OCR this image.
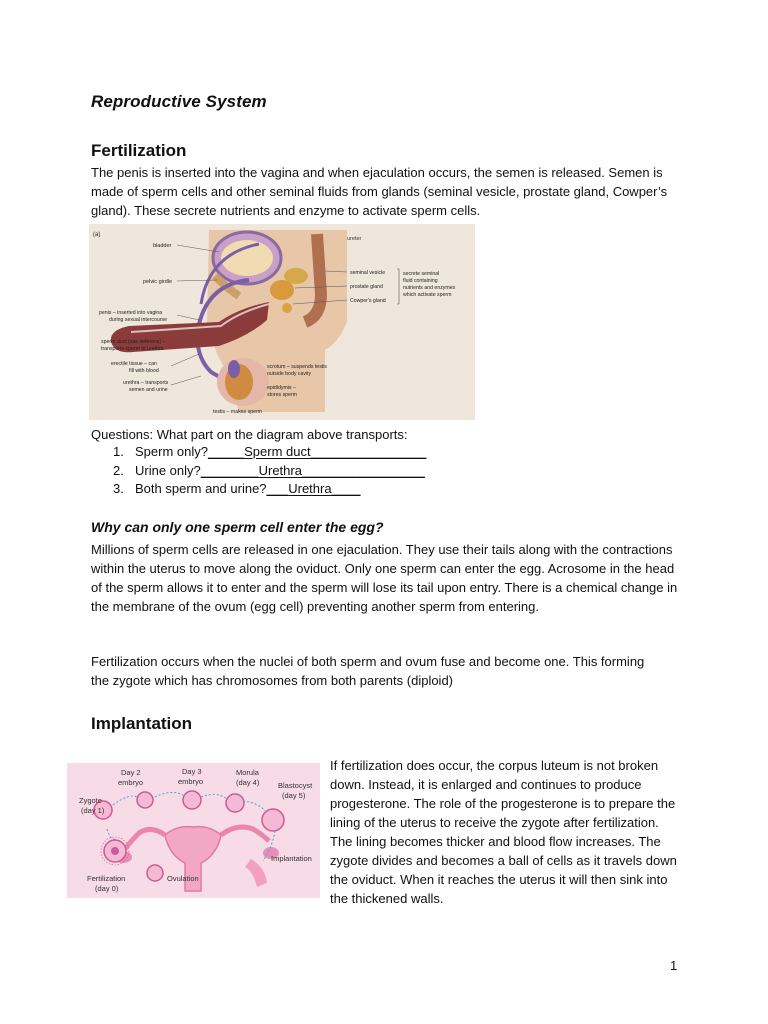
Reproductive System
Fertilization

The penis is inserted into the vagina and when ejaculation occurs, the semen is released. Semen is made of sperm cells and other seminal fluids from glands (seminal vesicle, prostate gland, Cowper’s gland). These secrete nutrients and enzyme to activate sperm cells.

(a)
bladder
pelvic girdle
penis – inserted into vagina
during sexual intercourse
sperm duct (vas deferens) –
transports sperm to urethra
erectile tissue – can
fill with blood
urethra – transports
semen and urine
testis – makes sperm
ureter
seminal vesicle
prostate gland
Cowper's gland
secrete seminal
fluid containing
nutrients and enzymes
which activate sperm
scrotum – suspends testis
outside body cavity
epididymis –
stores sperm

Questions: What part on the diagram above transports:

1. Sperm only?_____Sperm duct________________
2. Urine only?________Urethra_________________
3. Both sperm and urine?___Urethra____
Why can only one sperm cell enter the egg?

Millions of sperm cells are released in one ejaculation. They use their tails along with the contractions within the uterus to move along the oviduct. Only one sperm can enter the egg. Acrosome in the head of the sperm allows it to enter and the sperm will lose its tail upon entry. There is a chemical change in the membrane of the ovum (egg cell) preventing another sperm from entering.

Fertilization occurs when the nuclei of both sperm and ovum fuse and become one. This forming the zygote which has chromosomes from both parents (diploid)

Implantation
Day 2
embryo
Day 3
embryo
Morula
(day 4) Blastocyst
(day 5)
Zygote
(day 1)
Implantation
Ovulation
Fertilization
(day 0)

If fertilization does occur, the corpus luteum is not broken down. Instead, it is enlarged and continues to produce progesterone. The role of the progesterone is to prepare the lining of the uterus to receive the zygote after fertilization. The lining becomes thicker and blood flow increases. The zygote divides and becomes a ball of cells as it travels down the oviduct. When it reaches the uterus it will then sink into the thickened walls.

1
